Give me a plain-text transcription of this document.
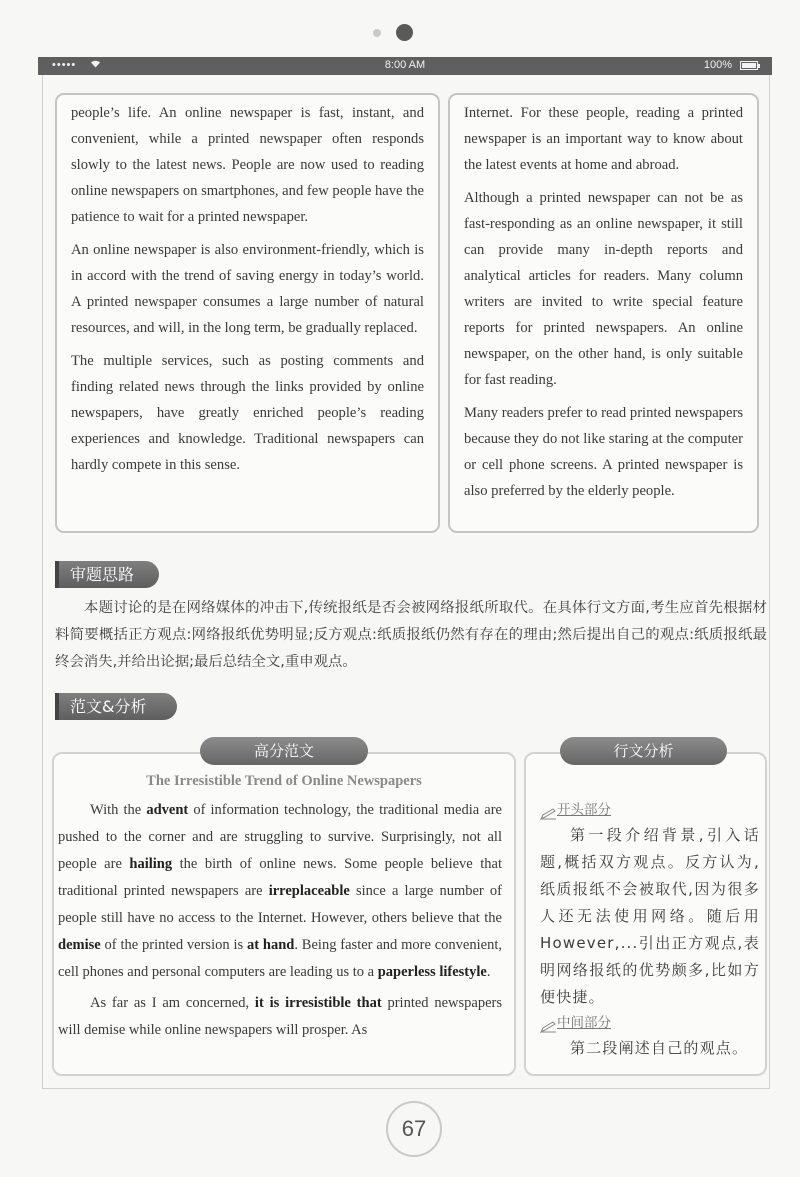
•••••	8:00 AM	100%

people’s life. An online newspaper is fast, instant, and convenient, while a printed newspaper often responds slowly to the latest news. People are now used to reading online newspapers on smartphones, and few people have the patience to wait for a printed newspaper.

An online newspaper is also environment-friendly, which is in accord with the trend of saving energy in today’s world. A printed newspaper consumes a large number of natural resources, and will, in the long term, be gradually replaced.

The multiple services, such as posting comments and finding related news through the links provided by online newspapers, have greatly enriched people’s reading experiences and knowledge. Traditional newspapers can hardly compete in this sense.

Internet. For these people, reading a printed newspaper is an important way to know about the latest events at home and abroad.

Although a printed newspaper can not be as fast-responding as an online newspaper, it still can provide many in-depth reports and analytical articles for readers. Many column writers are invited to write special feature reports for printed newspapers. An online newspaper, on the other hand, is only suitable for fast reading.

Many readers prefer to read printed newspapers because they do not like staring at the computer or cell phone screens. A printed newspaper is also preferred by the elderly people.

审题思路
本题讨论的是在网络媒体的冲击下,传统报纸是否会被网络报纸所取代。在具体行文方面,考生应首先根据材料简要概括正方观点:网络报纸优势明显;反方观点:纸质报纸仍然有存在的理由;然后提出自己的观点:纸质报纸最终会消失,并给出论据;最后总结全文,重申观点。
范文&分析
高分范文	行文分析
The Irresistible Trend of Online Newspapers

With the advent of information technology, the traditional media are pushed to the corner and are struggling to survive. Surprisingly, not all people are hailing the birth of online news. Some people believe that traditional printed newspapers are irreplaceable since a large number of people still have no access to the Internet. However, others believe that the demise of the printed version is at hand. Being faster and more convenient, cell phones and personal computers are leading us to a paperless lifestyle.

As far as I am concerned, it is irresistible that printed newspapers will demise while online newspapers will prosper. As

开头部分
第一段介绍背景,引入话题,概括双方观点。反方认为,纸质报纸不会被取代,因为很多人还无法使用网络。随后用However,...引出正方观点,表明网络报纸的优势颇多,比如方便快捷。
中间部分
第二段阐述自己的观点。
67
